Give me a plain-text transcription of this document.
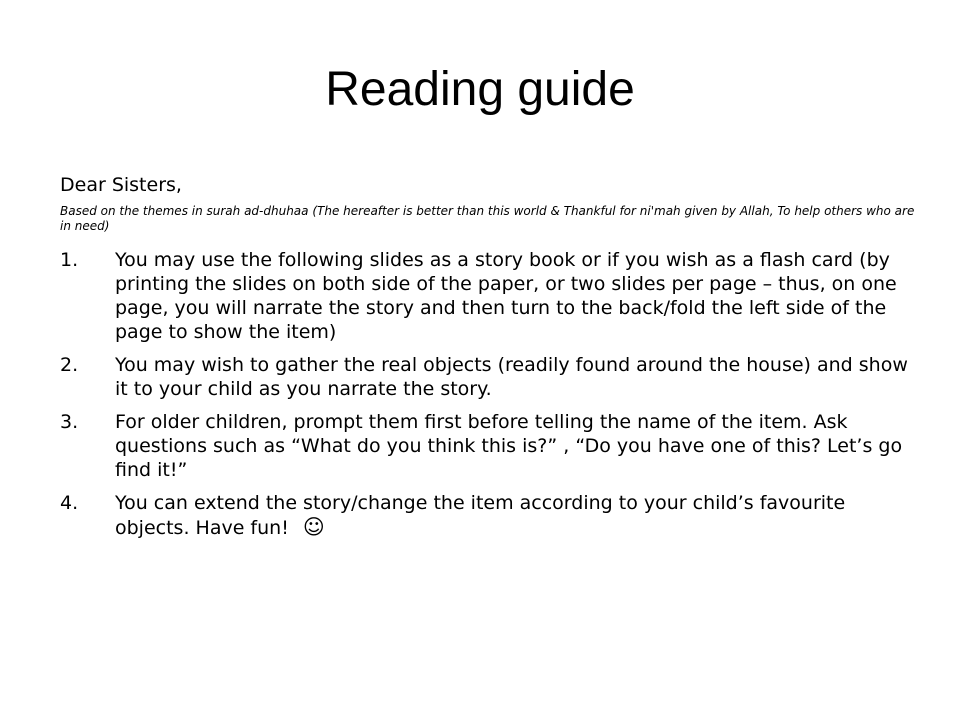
Reading guide

Dear Sisters,

Based on the themes in surah ad-dhuhaa (The hereafter is better than this world & Thankful for ni'mah given by Allah, To help others who are in need)

1. You may use the following slides as a story book or if you wish as a flash card (by printing the slides on both side of the paper, or two slides per page – thus, on one page, you will narrate the story and then turn to the back/fold the left side of the page to show the item)
2. You may wish to gather the real objects (readily found around the house) and show it to your child as you narrate the story.
3. For older children, prompt them first before telling the name of the item. Ask questions such as “What do you think this is?” , “Do you have one of this? Let’s go find it!”
4. You can extend the story/change the item according to your child’s favourite objects. Have fun! ☺
